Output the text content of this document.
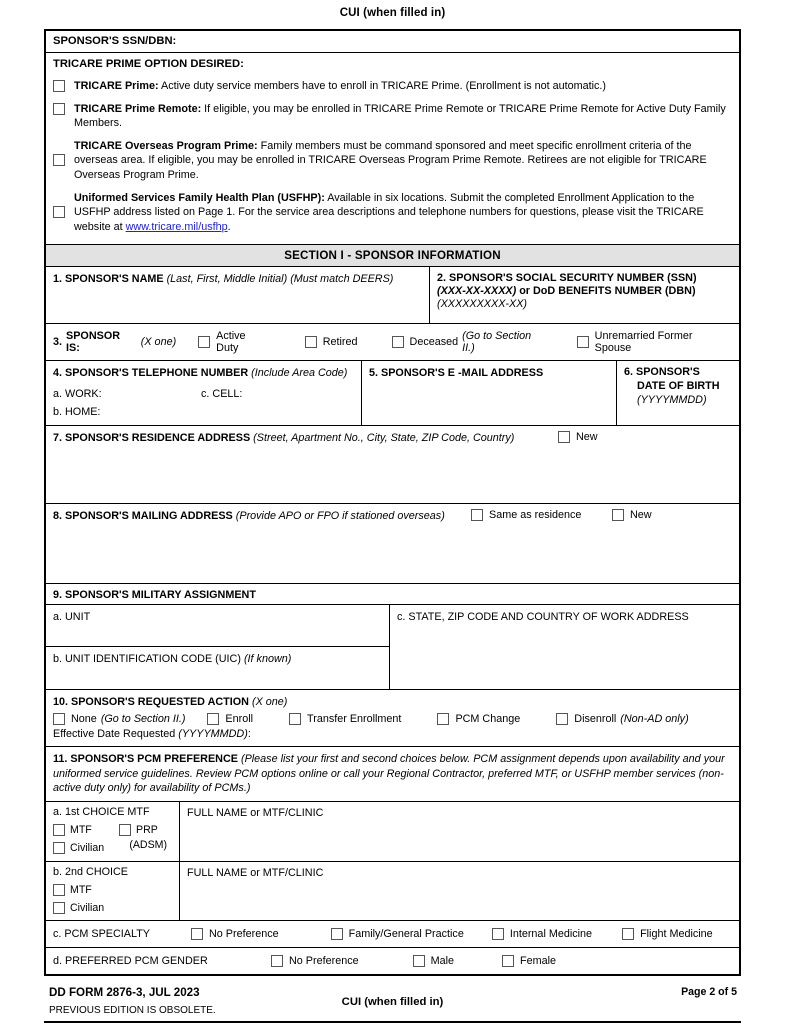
CUI (when filled in)
SPONSOR'S SSN/DBN:
TRICARE PRIME OPTION DESIRED:
TRICARE Prime: Active duty service members have to enroll in TRICARE Prime. (Enrollment is not automatic.)
TRICARE Prime Remote: If eligible, you may be enrolled in TRICARE Prime Remote or TRICARE Prime Remote for Active Duty Family Members.
TRICARE Overseas Program Prime: Family members must be command sponsored and meet specific enrollment criteria of the overseas area. If eligible, you may be enrolled in TRICARE Overseas Program Prime Remote. Retirees are not eligible for TRICARE Overseas Program Prime.
Uniformed Services Family Health Plan (USFHP): Available in six locations. Submit the completed Enrollment Application to the USFHP address listed on Page 1. For the service area descriptions and telephone numbers for questions, please visit the TRICARE website at www.tricare.mil/usfhp.
SECTION I - SPONSOR INFORMATION
1. SPONSOR'S NAME (Last, First, Middle Initial) (Must match DEERS)	2. SPONSOR'S SOCIAL SECURITY NUMBER (SSN)
(XXX-XX-XXXX) or DoD BENEFITS NUMBER (DBN)
(XXXXXXXXX-XX)
3. SPONSOR IS:	(X one)	Active Duty	Retired	Deceased (Go to Section II.)
Unremarried Former Spouse
4. SPONSOR'S TELEPHONE NUMBER (Include Area Code)
a. WORK:	c. CELL:
b. HOME:
5. SPONSOR'S E -MAIL ADDRESS	6. SPONSOR'S
DATE OF BIRTH
(YYYYMMDD)
7. SPONSOR'S RESIDENCE ADDRESS (Street, Apartment No., City, State, ZIP Code, Country)	New
8. SPONSOR'S MAILING ADDRESS (Provide APO or FPO if stationed overseas)	Same as residence	New
9. SPONSOR'S MILITARY ASSIGNMENT
a. UNIT
b. UNIT IDENTIFICATION CODE (UIC) (If known)
c. STATE, ZIP CODE AND COUNTRY OF WORK ADDRESS
10. SPONSOR'S REQUESTED ACTION (X one)
None (Go to Section II.)	Enroll	Transfer Enrollment	PCM Change	Disenroll (Non-AD only)
Effective Date Requested (YYYYMMDD):
11. SPONSOR'S PCM PREFERENCE (Please list your first and second choices below. PCM assignment depends upon availability and your uniformed service guidelines. Review PCM options online or call your Regional Contractor, preferred MTF, or USFHP member services (non-active duty only) for availability of PCMs.)
a. 1st CHOICE MTF
MTF
Civilian
PRP
(ADSM)
FULL NAME or MTF/CLINIC
b. 2nd CHOICE
MTF
Civilian
FULL NAME or MTF/CLINIC
c. PCM SPECIALTY	No Preference	Family/General Practice	Internal Medicine	Flight Medicine
d. PREFERRED PCM GENDER	No Preference	Male	Female
DD FORM 2876-3, JUL 2023
CUI (when filled in)
Page 2 of 5
PREVIOUS EDITION IS OBSOLETE.
